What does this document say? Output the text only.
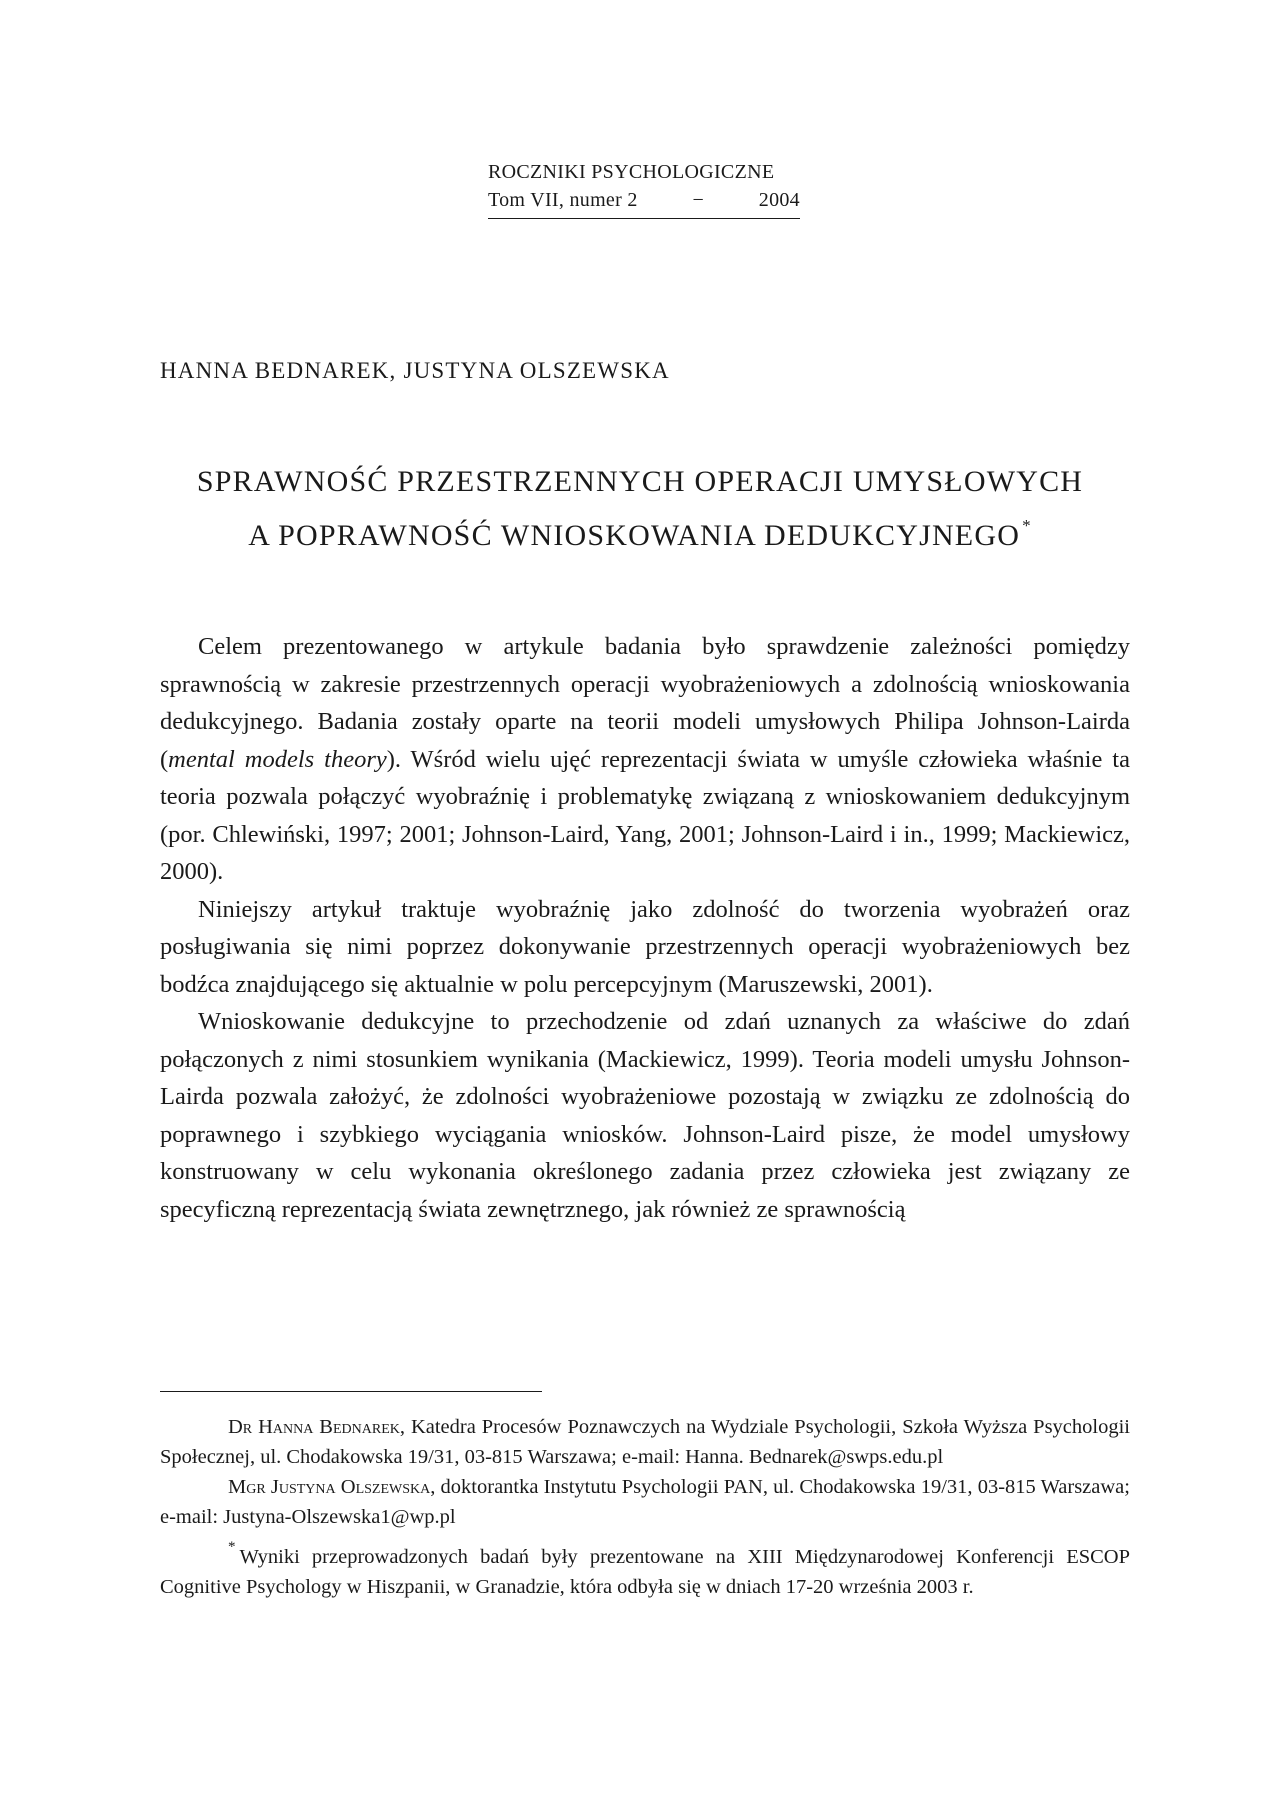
ROCZNIKI PSYCHOLOGICZNE
Tom VII, numer 2	−	2004
HANNA BEDNAREK, JUSTYNA OLSZEWSKA
SPRAWNOŚĆ PRZESTRZENNYCH OPERACJI UMYSŁOWYCH
A POPRAWNOŚĆ WNIOSKOWANIA DEDUKCYJNEGO *

Celem prezentowanego w artykule badania było sprawdzenie zależności pomiędzy sprawnością w zakresie przestrzennych operacji wyobrażeniowych a zdolnością wnioskowania dedukcyjnego. Badania zostały oparte na teorii modeli umysłowych Philipa Johnson-Lairda (mental models theory). Wśród wielu ujęć reprezentacji świata w umyśle człowieka właśnie ta teoria pozwala połączyć wyobraźnię i problematykę związaną z wnioskowaniem dedukcyjnym (por. Chlewiński, 1997; 2001; Johnson-Laird, Yang, 2001; Johnson-Laird i in., 1999; Mackiewicz, 2000).

Niniejszy artykuł traktuje wyobraźnię jako zdolność do tworzenia wyobrażeń oraz posługiwania się nimi poprzez dokonywanie przestrzennych operacji wyobrażeniowych bez bodźca znajdującego się aktualnie w polu percepcyjnym (Maruszewski, 2001).

Wnioskowanie dedukcyjne to przechodzenie od zdań uznanych za właściwe do zdań połączonych z nimi stosunkiem wynikania (Mackiewicz, 1999). Teoria modeli umysłu Johnson-Lairda pozwala założyć, że zdolności wyobrażeniowe pozostają w związku ze zdolnością do poprawnego i szybkiego wyciągania wniosków. Johnson-Laird pisze, że model umysłowy konstruowany w celu wykonania określonego zadania przez człowieka jest związany ze specyficzną reprezentacją świata zewnętrznego, jak również ze sprawnością

Dr Hanna Bednarek, Katedra Procesów Poznawczych na Wydziale Psychologii, Szkoła Wyższa Psychologii Społecznej, ul. Chodakowska 19/31, 03-815 Warszawa; e-mail: Hanna. Bednarek@swps.edu.pl

Mgr Justyna Olszewska, doktorantka Instytutu Psychologii PAN, ul. Chodakowska 19/31, 03-815 Warszawa; e-mail: Justyna-Olszewska1@wp.pl

* Wyniki przeprowadzonych badań były prezentowane na XIII Międzynarodowej Konferencji ESCOP Cognitive Psychology w Hiszpanii, w Granadzie, która odbyła się w dniach 17-20 września 2003 r.
